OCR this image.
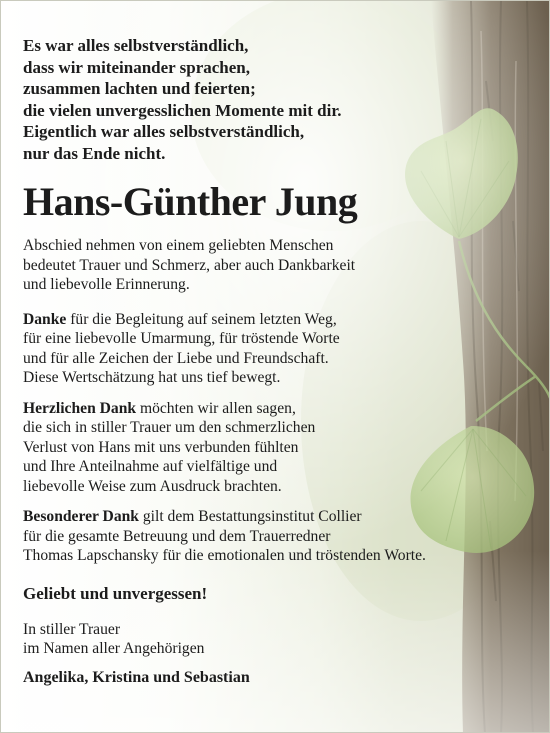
Es war alles selbstverständlich,
dass wir miteinander sprachen,
zusammen lachten und feierten;
die vielen unvergesslichen Momente mit dir.
Eigentlich war alles selbstverständlich,
nur das Ende nicht.
Hans-Günther Jung
Abschied nehmen von einem geliebten Menschen
bedeutet Trauer und Schmerz, aber auch Dankbarkeit
und liebevolle Erinnerung.
Danke für die Begleitung auf seinem letzten Weg,
für eine liebevolle Umarmung, für tröstende Worte
und für alle Zeichen der Liebe und Freundschaft.
Diese Wertschätzung hat uns tief bewegt.
Herzlichen Dank möchten wir allen sagen,
die sich in stiller Trauer um den schmerzlichen
Verlust von Hans mit uns verbunden fühlten
und Ihre Anteilnahme auf vielfältige und
liebevolle Weise zum Ausdruck brachten.
Besonderer Dank gilt dem Bestattungsinstitut Collier
für die gesamte Betreuung und dem Trauerredner
Thomas Lapschansky für die emotionalen und tröstenden Worte.
Geliebt und unvergessen!
In stiller Trauer
im Namen aller Angehörigen
Angelika, Kristina und Sebastian
